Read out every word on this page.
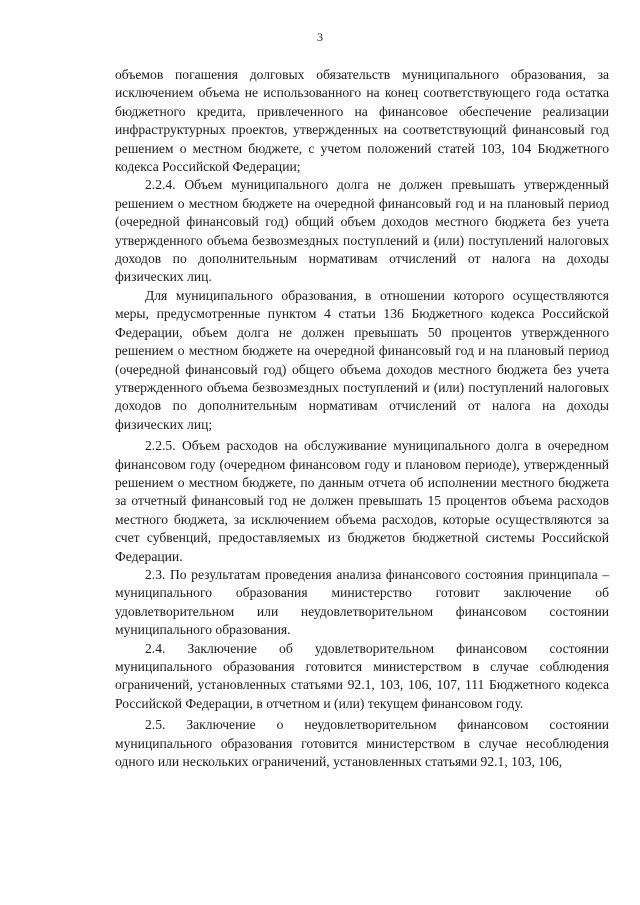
3

объемов погашения долговых обязательств муниципального образования, за исключением объема не использованного на конец соответствующего года остатка бюджетного кредита, привлеченного на финансовое обеспечение реализации инфраструктурных проектов, утвержденных на соответствующий финансовый год решением о местном бюджете, с учетом положений статей 103, 104 Бюджетного кодекса Российской Федерации;

2.2.4. Объем муниципального долга не должен превышать утвержденный решением о местном бюджете на очередной финансовый год и на плановый период (очередной финансовый год) общий объем доходов местного бюджета без учета утвержденного объема безвозмездных поступлений и (или) поступлений налоговых доходов по дополнительным нормативам отчислений от налога на доходы физических лиц.

Для муниципального образования, в отношении которого осуществляются меры, предусмотренные пунктом 4 статьи 136 Бюджетного кодекса Российской Федерации, объем долга не должен превышать 50 процентов утвержденного решением о местном бюджете на очередной финансовый год и на плановый период (очередной финансовый год) общего объема доходов местного бюджета без учета утвержденного объема безвозмездных поступлений и (или) поступлений налоговых доходов по дополнительным нормативам отчислений от налога на доходы физических лиц;

2.2.5. Объем расходов на обслуживание муниципального долга в очередном финансовом году (очередном финансовом году и плановом периоде), утвержденный решением о местном бюджете, по данным отчета об исполнении местного бюджета за отчетный финансовый год не должен превышать 15 процентов объема расходов местного бюджета, за исключением объема расходов, которые осуществляются за счет субвенций, предоставляемых из бюджетов бюджетной системы Российской Федерации.

2.3. По результатам проведения анализа финансового состояния принципала – муниципального образования министерство готовит заключение об удовлетворительном или неудовлетворительном финансовом состоянии муниципального образования.

2.4. Заключение об удовлетворительном финансовом состоянии муниципального образования готовится министерством в случае соблюдения ограничений, установленных статьями 92.1, 103, 106, 107, 111 Бюджетного кодекса Российской Федерации, в отчетном и (или) текущем финансовом году.

2.5. Заключение о неудовлетворительном финансовом состоянии муниципального образования готовится министерством в случае несоблюдения одного или нескольких ограничений, установленных статьями 92.1, 103, 106,
